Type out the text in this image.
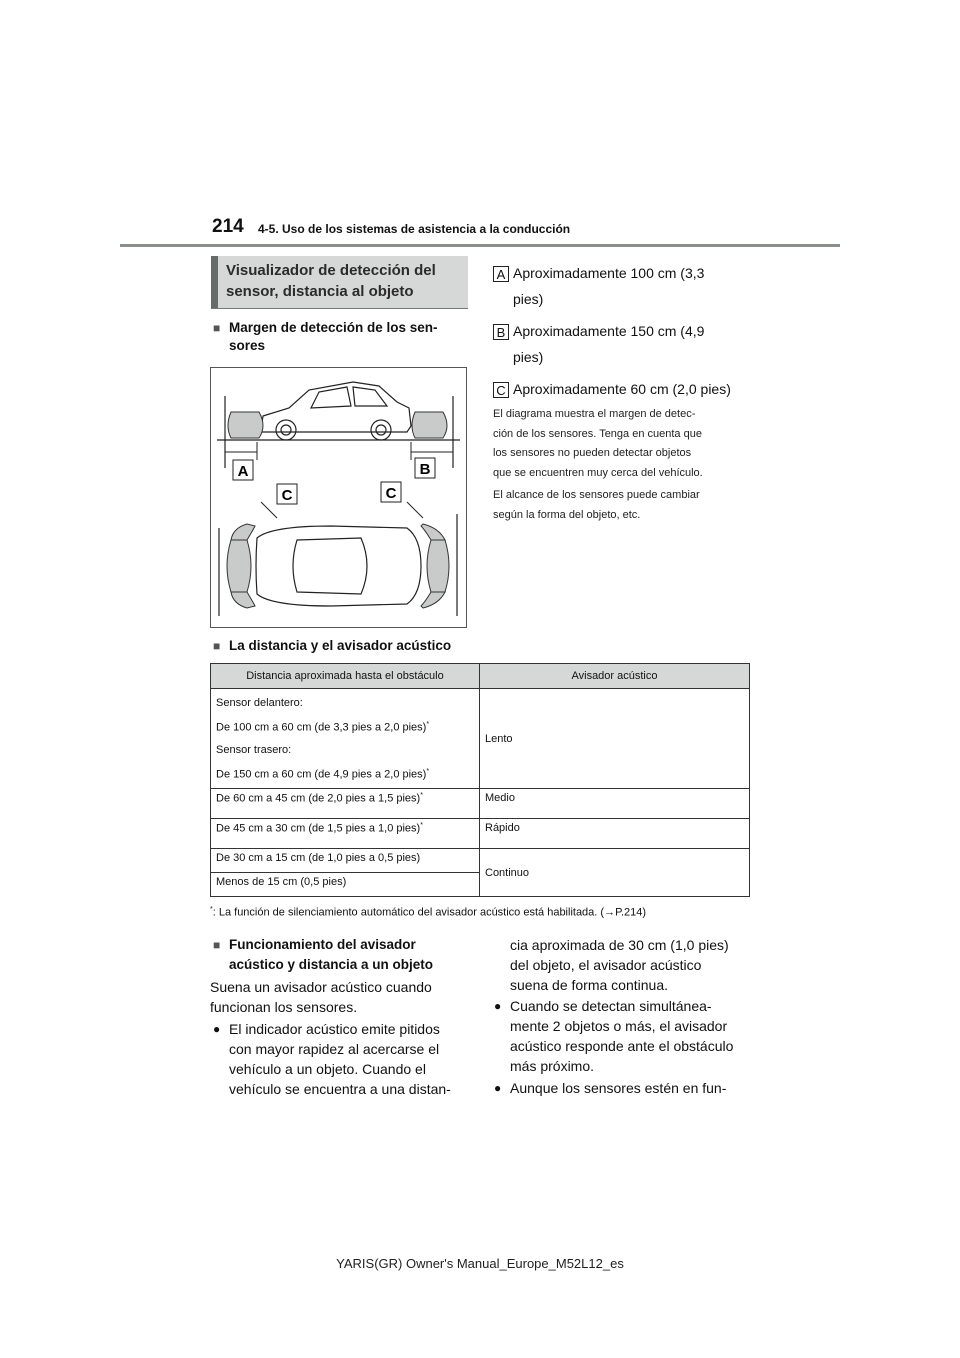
214 4-5. Uso de los sistemas de asistencia a la conducción
Visualizador de detección del
sensor, distancia al objeto
■ Margen de detección de los sen-
sores
A	B
C	C
A Aproximadamente 100 cm (3,3
pies)
B Aproximadamente 150 cm (4,9
pies)
C Aproximadamente 60 cm (2,0 pies)
El diagrama muestra el margen de detec-
ción de los sensores. Tenga en cuenta que
los sensores no pueden detectar objetos
que se encuentren muy cerca del vehículo.
El alcance de los sensores puede cambiar
según la forma del objeto, etc.
■ La distancia y el avisador acústico
Distancia aproximada hasta el obstáculo	Avisador acústico

Sensor delantero:
De 100 cm a 60 cm (de 3,3 pies a 2,0 pies)*
Sensor trasero:
De 150 cm a 60 cm (de 4,9 pies a 2,0 pies)*	Lento
De 60 cm a 45 cm (de 2,0 pies a 1,5 pies)*	Medio
De 45 cm a 30 cm (de 1,5 pies a 1,0 pies)*	Rápido
De 30 cm a 15 cm (de 1,0 pies a 0,5 pies)	Continuo
Menos de 15 cm (0,5 pies)	
*: La función de silenciamiento automático del avisador acústico está habilitada. (→P.214)
■ Funcionamiento del avisador
acústico y distancia a un objeto
Suena un avisador acústico cuando
funcionan los sensores.
● El indicador acústico emite pitidos
con mayor rapidez al acercarse el
vehículo a un objeto. Cuando el
vehículo se encuentra a una distan-
cia aproximada de 30 cm (1,0 pies)
del objeto, el avisador acústico
suena de forma continua.
● Cuando se detectan simultánea-
mente 2 objetos o más, el avisador
acústico responde ante el obstáculo
más próximo.
● Aunque los sensores estén en fun-
YARIS(GR) Owner's Manual_Europe_M52L12_es
